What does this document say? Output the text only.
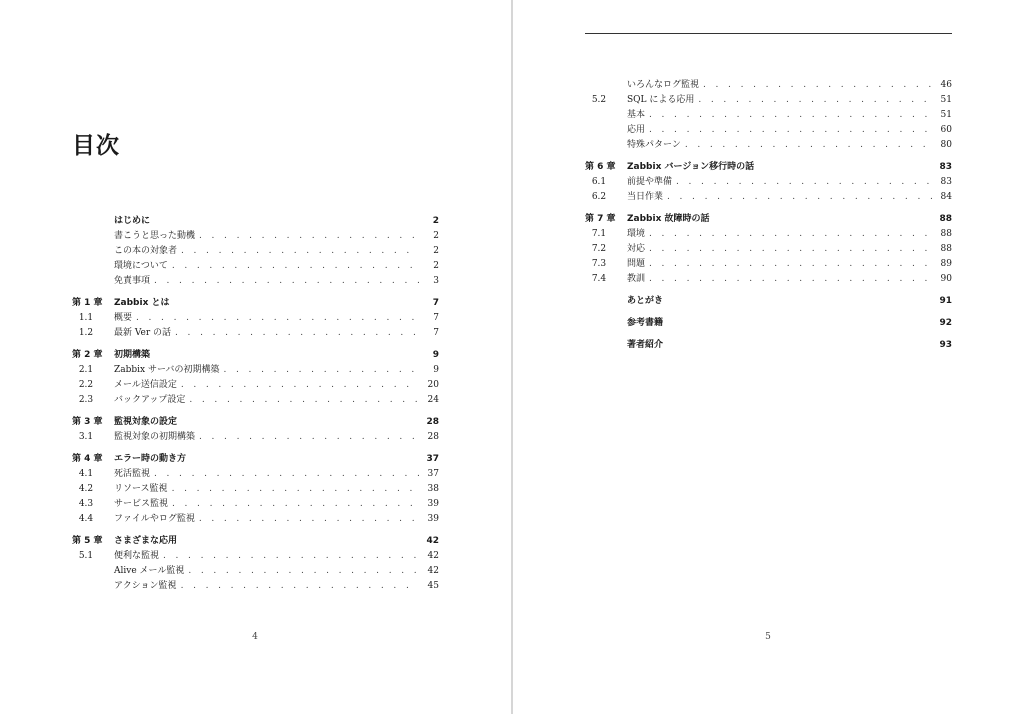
目次
はじめに	2
書こうと思った動機 . . .	2
この本の対象者 . . .	2
環境について . . .	2
免責事項 . . .	3
第 1 章	Zabbix とは	7
1.1	概要 . . .	7
1.2	最新 Ver の話 . . .	7
第 2 章	初期構築	9
2.1	Zabbix サーバの初期構築 . . .	9
2.2	メール送信設定 . . .	20
2.3	バックアップ設定 . . .	24
第 3 章	監視対象の設定	28
3.1	監視対象の初期構築 . . .	28
第 4 章	エラー時の動き方	37
4.1	死活監視 . . .	37
4.2	リソース監視 . . .	38
4.3	サービス監視 . . .	39
4.4	ファイルやログ監視 . . .	39
第 5 章	さまざまな応用	42
5.1	便利な監視 . . .	42
Alive メール監視 . . .	42
アクション監視 . . .	45
4
いろんなログ監視 . . .	46
5.2	SQL による応用 . . .	51
基本 . . .	51
応用 . . .	60
特殊パターン . . .	80
第 6 章	Zabbix バージョン移行時の話	83
6.1	前提や準備 . . .	83
6.2	当日作業 . . .	84
第 7 章	Zabbix 故障時の話	88
7.1	環境 . . .	88
7.2	対応 . . .	88
7.3	問題 . . .	89
7.4	教訓 . . .	90
あとがき	91
参考書籍	92
著者紹介	93
5
